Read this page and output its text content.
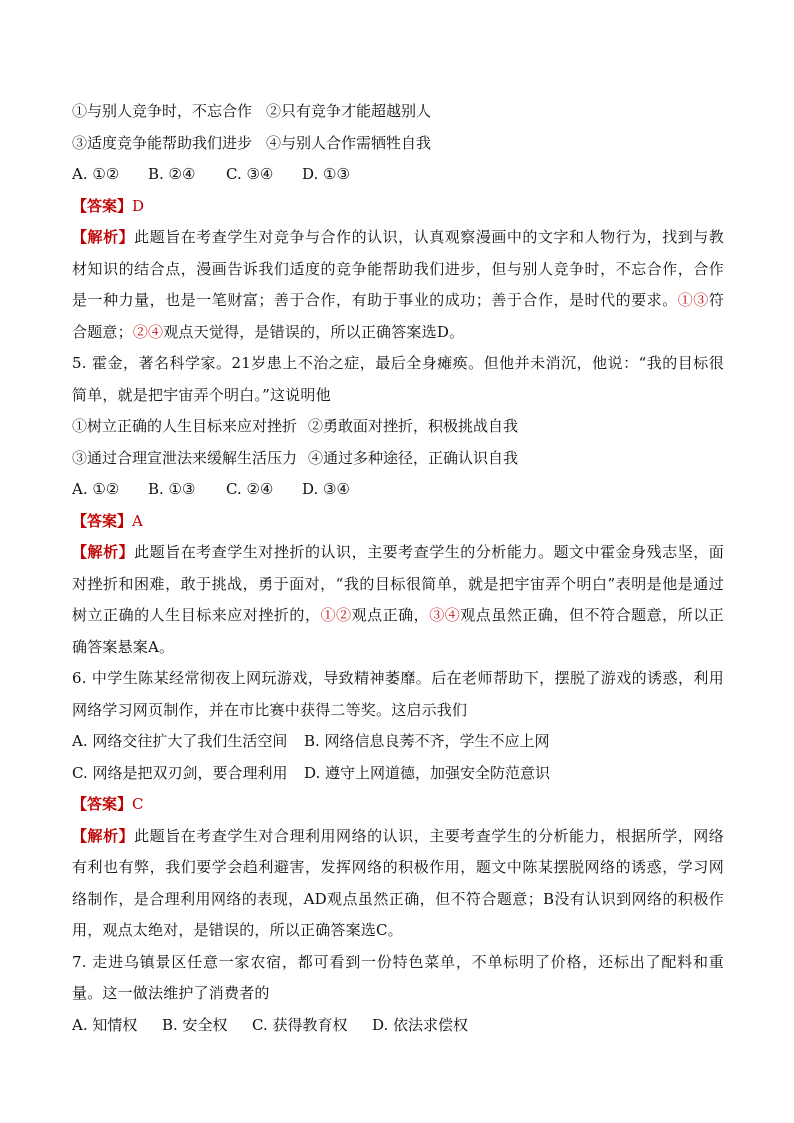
①与别人竞争时，不忘合作 ②只有竞争才能超越别人
③适度竞争能帮助我们进步 ④与别人合作需牺牲自我
A. ①② B. ②④ C. ③④ D. ①③
【答案】D
【解析】此题旨在考查学生对竞争与合作的认识，认真观察漫画中的文字和人物行为，找到与教材知识的结合点，漫画告诉我们适度的竞争能帮助我们进步，但与别人竞争时，不忘合作，合作是一种力量，也是一笔财富；善于合作，有助于事业的成功；善于合作，是时代的要求。①③符合题意；②④观点天觉得，是错误的，所以正确答案选D。
5. 霍金，著名科学家。21岁患上不治之症，最后全身瘫痪。但他并未消沉，他说：“我的目标很简单，就是把宇宙弄个明白。”这说明他
①树立正确的人生目标来应对挫折 ②勇敢面对挫折，积极挑战自我
③通过合理宣泄法来缓解生活压力 ④通过多种途径，正确认识自我
A. ①② B. ①③ C. ②④ D. ③④
【答案】A
【解析】此题旨在考查学生对挫折的认识，主要考查学生的分析能力。题文中霍金身残志坚，面对挫折和困难，敢于挑战，勇于面对，“我的目标很简单，就是把宇宙弄个明白”表明是他是通过树立正确的人生目标来应对挫折的，①②观点正确，③④观点虽然正确，但不符合题意，所以正确答案悬案A。
6. 中学生陈某经常彻夜上网玩游戏，导致精神萎靡。后在老师帮助下，摆脱了游戏的诱惑，利用网络学习网页制作，并在市比赛中获得二等奖。这启示我们
A. 网络交往扩大了我们生活空间 B. 网络信息良莠不齐，学生不应上网
C. 网络是把双刃剑，要合理利用 D. 遵守上网道德，加强安全防范意识
【答案】C
【解析】此题旨在考查学生对合理利用网络的认识，主要考查学生的分析能力，根据所学，网络有利也有弊，我们要学会趋利避害，发挥网络的积极作用，题文中陈某摆脱网络的诱惑，学习网络制作，是合理利用网络的表现，AD观点虽然正确，但不符合题意；B没有认识到网络的积极作用，观点太绝对，是错误的，所以正确答案选C。
7. 走进乌镇景区任意一家农宿，都可看到一份特色菜单，不单标明了价格，还标出了配料和重量。这一做法维护了消费者的
A. 知情权 B. 安全权 C. 获得教育权 D. 依法求偿权
